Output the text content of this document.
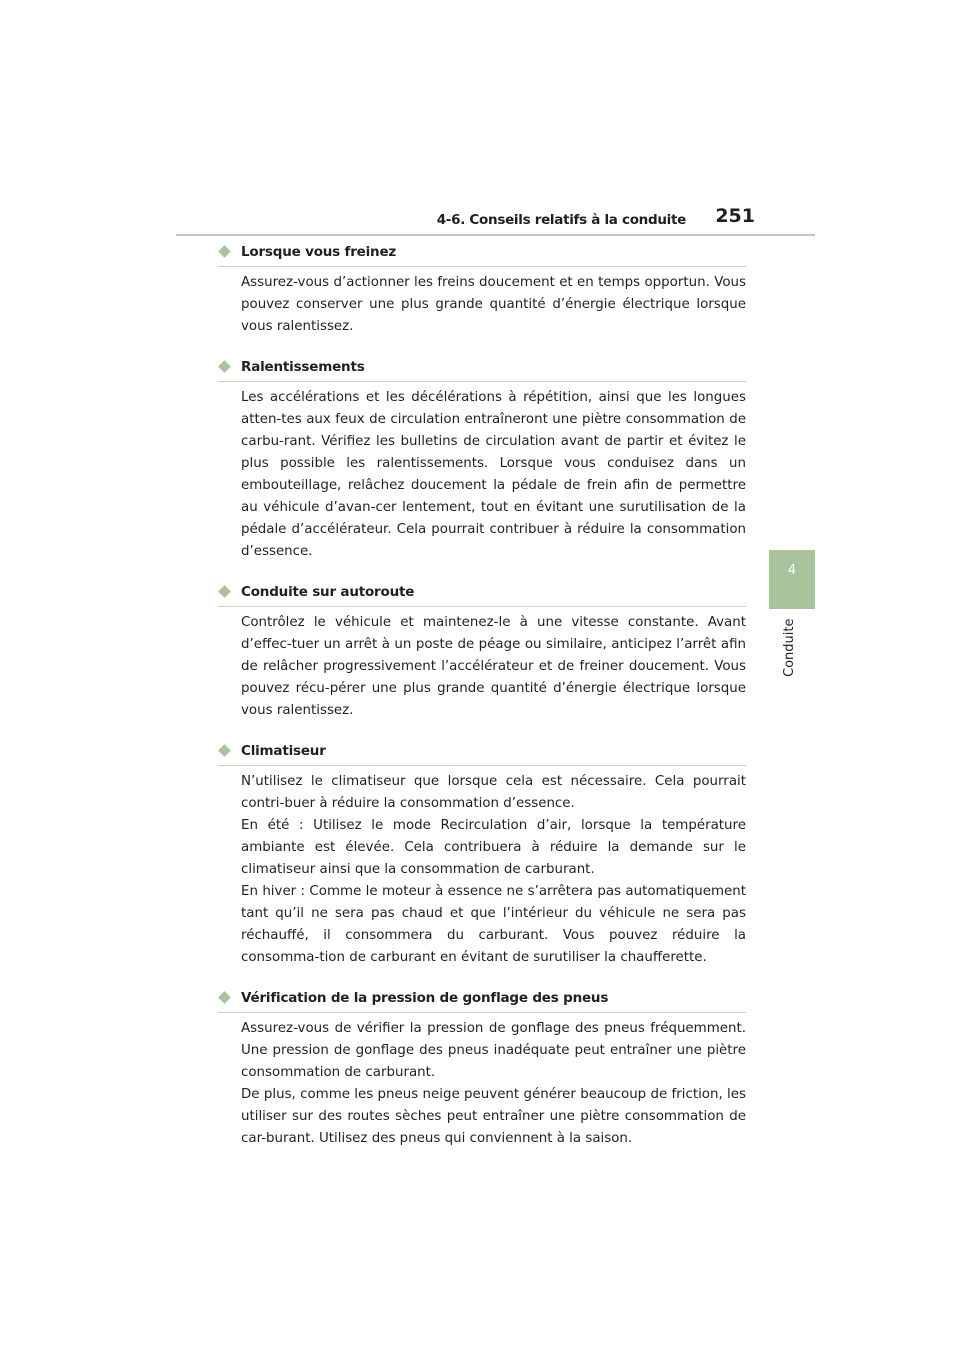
4-6. Conseils relatifs à la conduite 251
4
Conduite
Lorsque vous freinez

Assurez-vous d’actionner les freins doucement et en temps opportun. Vous pouvez conserver une plus grande quantité d’énergie électrique lorsque vous ralentissez.

Ralentissements

Les accélérations et les décélérations à répétition, ainsi que les longues atten-tes aux feux de circulation entraîneront une piètre consommation de carbu-rant. Vérifiez les bulletins de circulation avant de partir et évitez le plus possible les ralentissements. Lorsque vous conduisez dans un embouteillage, relâchez doucement la pédale de frein afin de permettre au véhicule d’avan-cer lentement, tout en évitant une surutilisation de la pédale d’accélérateur. Cela pourrait contribuer à réduire la consommation d’essence.

Conduite sur autoroute

Contrôlez le véhicule et maintenez-le à une vitesse constante. Avant d’effec-tuer un arrêt à un poste de péage ou similaire, anticipez l’arrêt afin de relâcher progressivement l’accélérateur et de freiner doucement. Vous pouvez récu-pérer une plus grande quantité d’énergie électrique lorsque vous ralentissez.

Climatiseur

N’utilisez le climatiseur que lorsque cela est nécessaire. Cela pourrait contri-buer à réduire la consommation d’essence.

En été : Utilisez le mode Recirculation d’air, lorsque la température ambiante est élevée. Cela contribuera à réduire la demande sur le climatiseur ainsi que la consommation de carburant.

En hiver : Comme le moteur à essence ne s’arrêtera pas automatiquement tant qu’il ne sera pas chaud et que l’intérieur du véhicule ne sera pas réchauffé, il consommera du carburant. Vous pouvez réduire la consomma-tion de carburant en évitant de surutiliser la chaufferette.

Vérification de la pression de gonflage des pneus

Assurez-vous de vérifier la pression de gonflage des pneus fréquemment. Une pression de gonflage des pneus inadéquate peut entraîner une piètre consommation de carburant.

De plus, comme les pneus neige peuvent générer beaucoup de friction, les utiliser sur des routes sèches peut entraîner une piètre consommation de car-burant. Utilisez des pneus qui conviennent à la saison.
